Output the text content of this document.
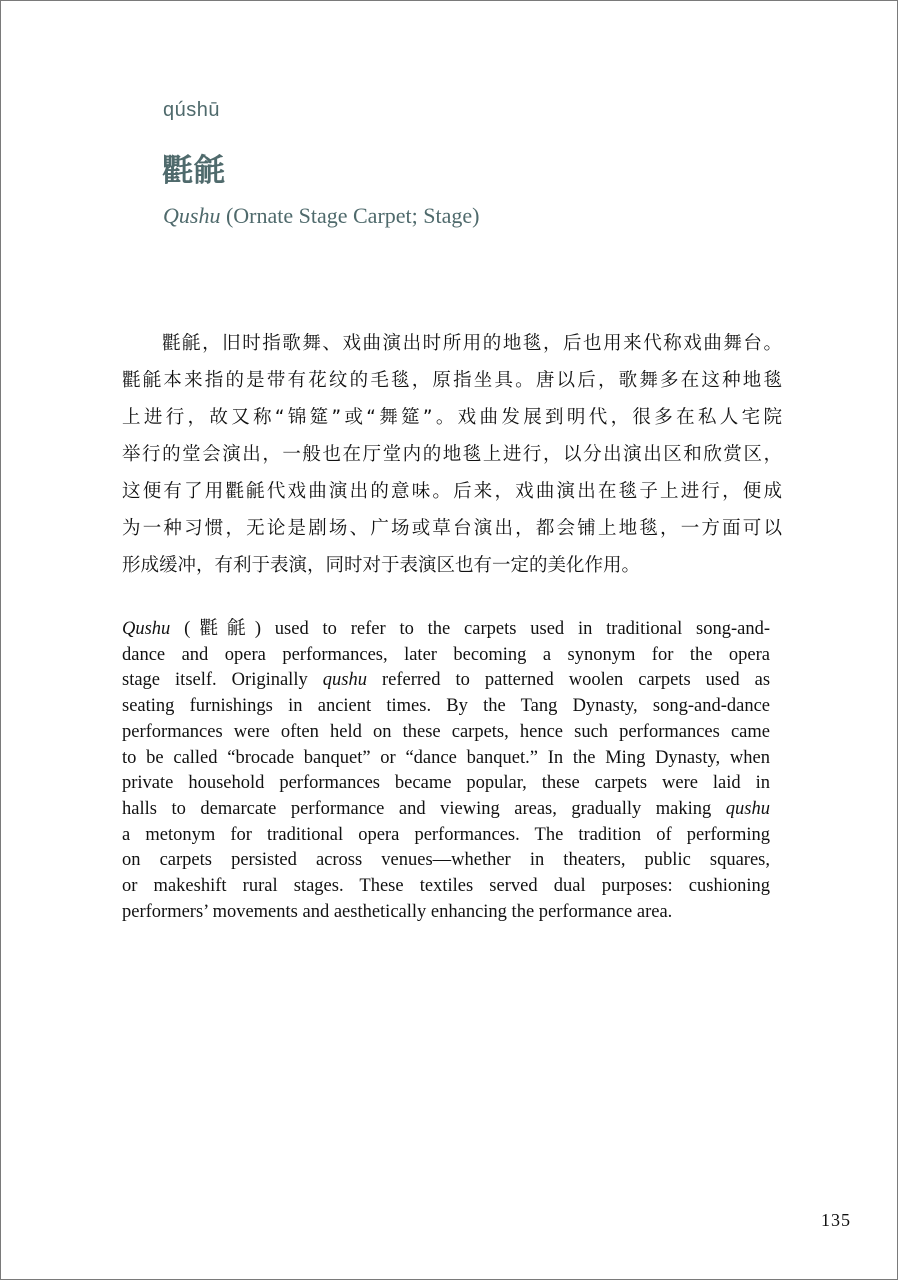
qúshū
氍毹
Qushu (Ornate Stage Carpet; Stage)
氍毹，旧时指歌舞、戏曲演出时所用的地毯，后也用来代称戏曲舞台。
氍毹本来指的是带有花纹的毛毯，原指坐具。唐以后，歌舞多在这种地毯
上进行，故又称“锦筵”或“舞筵”。戏曲发展到明代，很多在私人宅院
举行的堂会演出，一般也在厅堂内的地毯上进行，以分出演出区和欣赏区，
这便有了用氍毹代戏曲演出的意味。后来，戏曲演出在毯子上进行，便成
为一种习惯，无论是剧场、广场或草台演出，都会铺上地毯，一方面可以
形成缓冲，有利于表演，同时对于表演区也有一定的美化作用。
Qushu (氍毹) used to refer to the carpets used in traditional song-and-
dance and opera performances, later becoming a synonym for the opera
stage itself. Originally qushu referred to patterned woolen carpets used as
seating furnishings in ancient times. By the Tang Dynasty, song-and-dance
performances were often held on these carpets, hence such performances came
to be called “brocade banquet” or “dance banquet.” In the Ming Dynasty, when
private household performances became popular, these carpets were laid in
halls to demarcate performance and viewing areas, gradually making qushu
a metonym for traditional opera performances. The tradition of performing
on carpets persisted across venues—whether in theaters, public squares,
or makeshift rural stages. These textiles served dual purposes: cushioning
performers’ movements and aesthetically enhancing the performance area.
135
